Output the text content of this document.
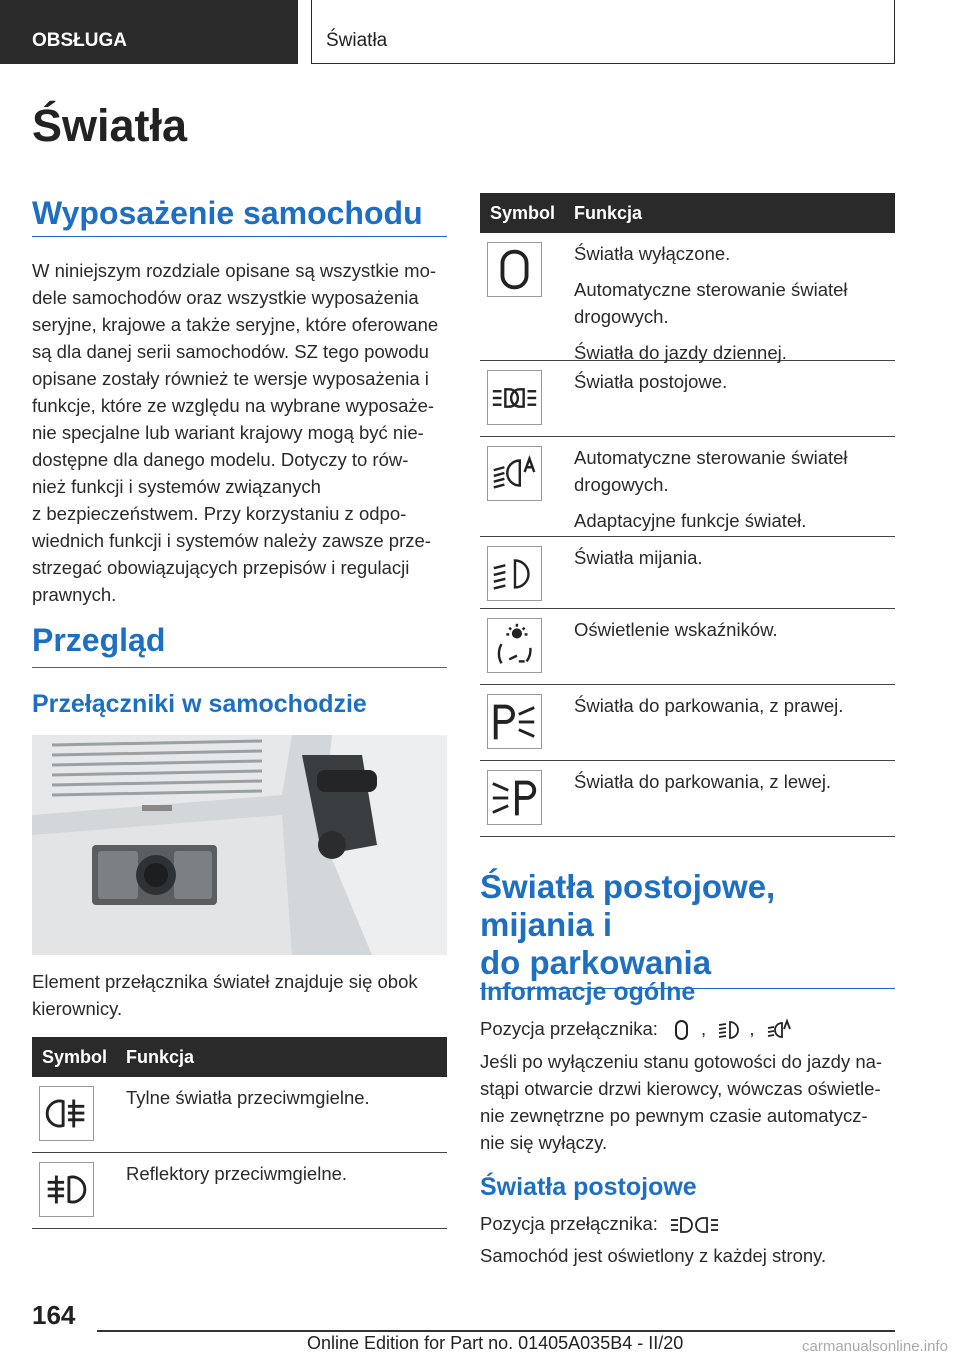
OBSŁUGA	Światła
Światła
Wyposażenie samochodu
W niniejszym rozdziale opisane są wszystkie mo-
dele samochodów oraz wszystkie wyposażenia
seryjne, krajowe a także seryjne, które oferowane
są dla danej serii samochodów. SZ tego powodu
opisane zostały również te wersje wyposażenia i
funkcje, które ze względu na wybrane wyposaże-
nie specjalne lub wariant krajowy mogą być nie-
dostępne dla danego modelu. Dotyczy to rów-
nież funkcji i systemów związanych
z bezpieczeństwem. Przy korzystaniu z odpo-
wiednich funkcji i systemów należy zawsze prze-
strzegać obowiązujących przepisów i regulacji
prawnych.
Przegląd
Przełączniki w samochodzie
Element przełącznika świateł znajduje się obok
kierownicy.
Symbol Funkcja

Tylne światła przeciwmgielne.

Reflektory przeciwmgielne.

Symbol Funkcja

Światła wyłączone.

Automatyczne sterowanie świateł drogowych.

Światła do jazdy dziennej.

Światła postojowe.

Automatyczne sterowanie świateł drogowych.

Adaptacyjne funkcje świateł.

Światła mijania.

Oświetlenie wskaźników.

Światła do parkowania, z prawej.

Światła do parkowania, z lewej.

Światła postojowe, mijania i
do parkowania
Informacje ogólne
Pozycja przełącznika: , ,
Jeśli po wyłączeniu stanu gotowości do jazdy na-
stąpi otwarcie drzwi kierowcy, wówczas oświetle-
nie zewnętrzne po pewnym czasie automatycz-
nie się wyłączy.
Światła postojowe
Pozycja przełącznika:
Samochód jest oświetlony z każdej strony.
164
Online Edition for Part no. 01405A035B4 - II/20	carmanualsonline.info
